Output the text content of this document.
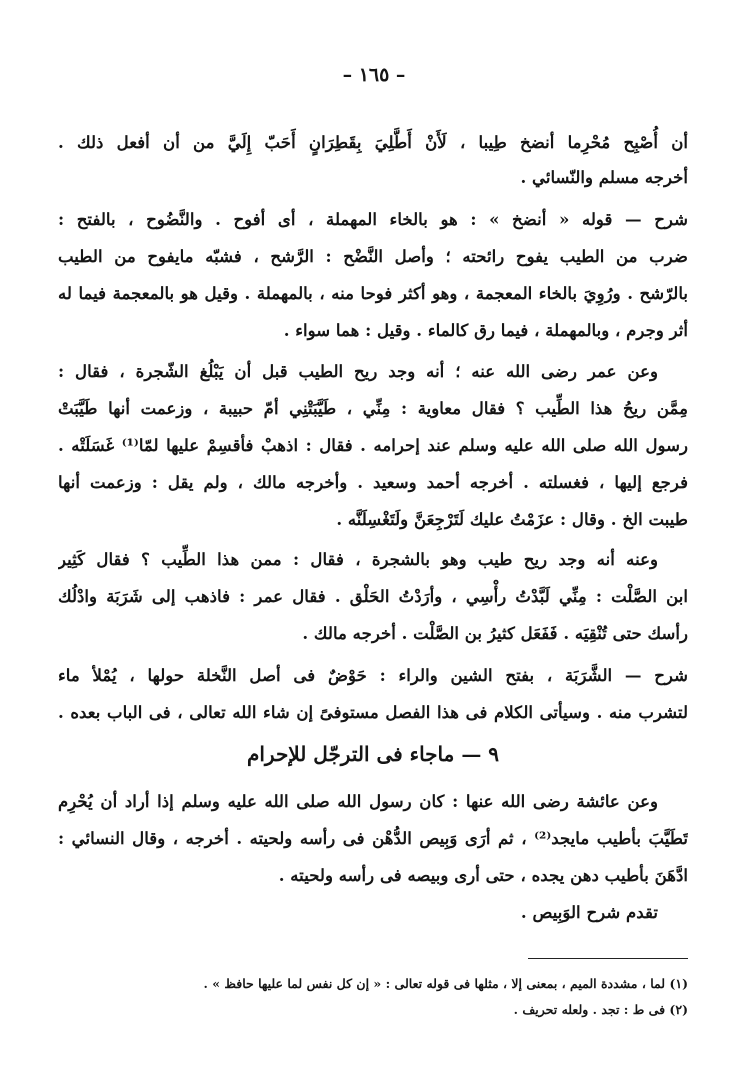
– ١٦٥ –
أن أُصْبِح مُحْرِما أنضخ طِيبا ، لَأَنْ أَطَّلِيَ بِقَطِرَانٍ أَحَبّ إِلَيَّ من أن أفعل ذلك .
أخرجه مسلم والنّسائي .
شرح — قوله « أنضخ » : هو بالخاء المهملة ، أى أفوح . والنَّضُوح ، بالفتح :
ضرب من الطيب يفوح رائحته ؛ وأصل النَّضْح : الرَّشح ، فشبّه مايفوح من الطيب
بالرّشح . ورُوِيَ بالخاء المعجمة ، وهو أكثر فوحا منه ، بالمهملة . وقيل هو بالمعجمة فيما له
أثر وجرم ، وبالمهملة ، فيما رق كالماء . وقيل : هما سواء .
وعن عمر رضى الله عنه ؛ أنه وجد ريح الطيب قبل أن يَبْلُغ الشّجرة ، فقال :
مِمَّن ريحُ هذا الطِّيب ؟ فقال معاوية : مِنِّي ، طَيَّبَتْنِي أمّ حبيبة ، وزعمت أنها طَيَّبَتْ
رسول الله صلى الله عليه وسلم عند إحرامه . فقال : اذهبْ فأقسِمْ عليها لمّا⁽¹⁾ غَسَلَتْه .
فرجع إليها ، فغسلته . أخرجه أحمد وسعيد . وأخرجه مالك ، ولم يقل : وزعمت أنها
طيبت الخ . وقال : عزَمْتُ عليك لَتَرْجِعَنَّ ولَتَغْسِلَنَّه .
وعنه أنه وجد ريح طيب وهو بالشجرة ، فقال : ممن هذا الطِّيب ؟ فقال كَثِير
ابن الصَّلْت : مِنِّي لَبَّدْتُ رأْسِي ، وأرَدْتُ الحَلْق . فقال عمر : فاذهب إلى شَرَبَة وادْلُك
رأسك حتى تُنْقِيَه . فَفَعَل كثيرُ بن الصَّلْت . أخرجه مالك .
شرح — الشَّرَبَة ، بفتح الشين والراء : حَوْضٌ فى أصل النَّخلة حولها ، يُمْلأ ماء
لتشرب منه . وسيأتى الكلام فى هذا الفصل مستوفىً إن شاء الله تعالى ، فى الباب بعده .
وعن عائشة رضى الله عنها : كان رسول الله صلى الله عليه وسلم إذا أراد أن يُحْرِم
تَطَيَّبَ بأطيب مايجد⁽²⁾ ، ثم أرَى وَبِيص الدُّهْن فى رأسه ولحيته . أخرجه ، وقال النسائي :
ادَّهَنَ بأطيب دهن يجده ، حتى أرى وبيصه فى رأسه ولحيته .
تقدم شرح الوَبِيص .
٩ — ماجاء فى الترجّل للإحرام
(١) لما ، مشددة الميم ، بمعنى إلا ، مثلها فى قوله تعالى : « إن كل نفس لما عليها حافظ » .
(٢) فى ط : تجد . ولعله تحريف .
